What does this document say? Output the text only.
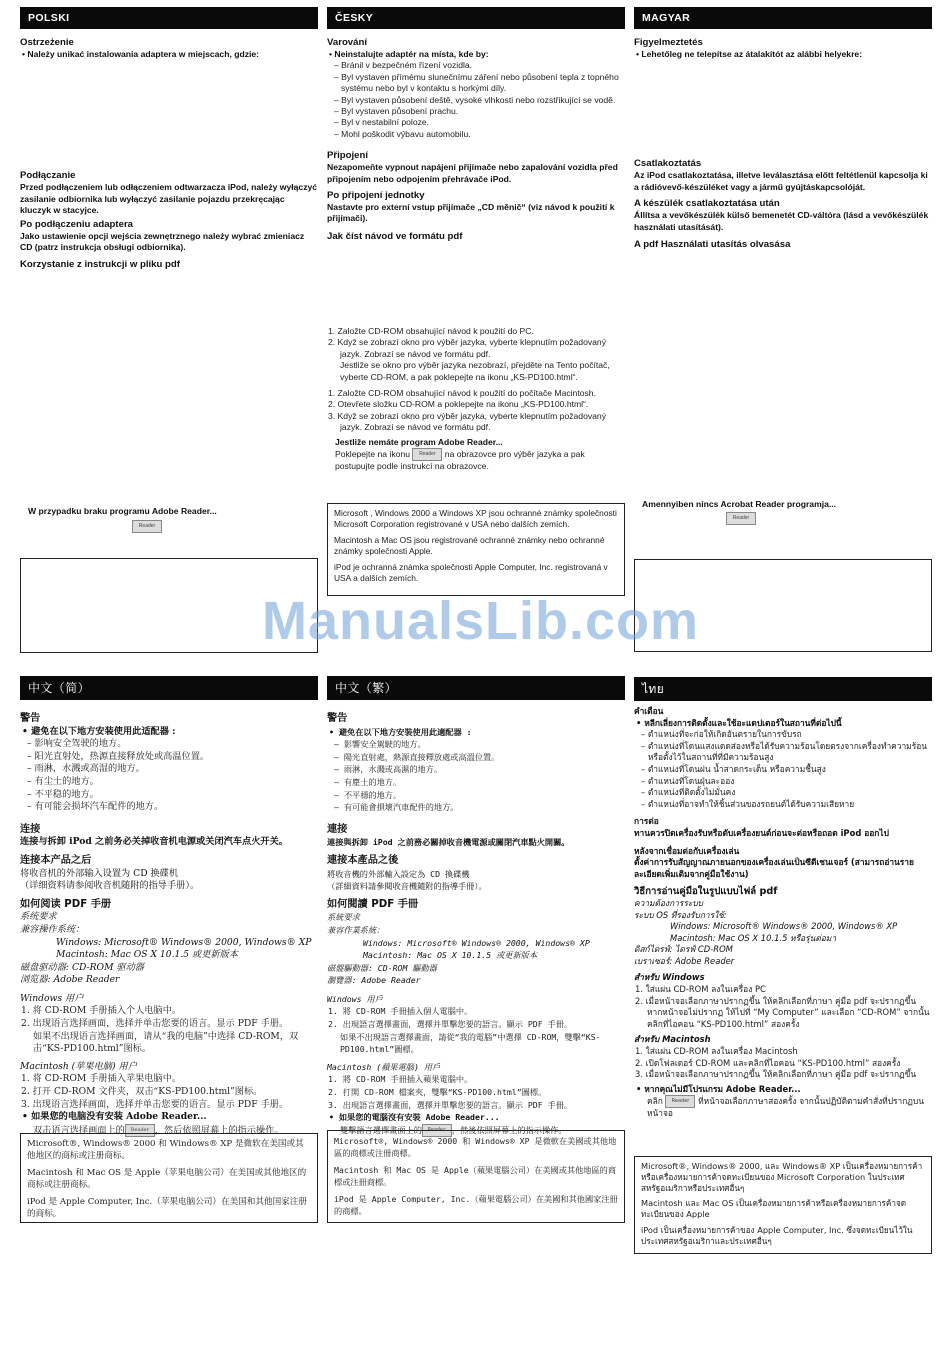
POLSKI
Ostrzeżenie
• Należy unikać instalowania adaptera w miejscach, gdzie:
Podłączanie

Przed podłączeniem lub odłączeniem odtwarzacza iPod, należy wyłączyć zasilanie odbiornika lub wyłączyć zasilanie pojazdu przekręcając kluczyk w stacyjce.

Po podłączeniu adaptera

Jako ustawienie opcji wejścia zewnętrznego należy wybrać zmieniacz CD (patrz instrukcja obsługi odbiornika).

Korzystanie z instrukcji w pliku pdf
W przypadku braku programu Adobe Reader...
Reader
ČESKY
Varování
• Neinstalujte adaptér na místa, kde by:
– Bránil v bezpečném řízení vozidla.
– Byl vystaven přímému slunečnímu záření nebo působení tepla z topného systému nebo byl v kontaktu s horkými díly.
– Byl vystaven působení deště, vysoké vlhkosti nebo rozstřikující se vodě.
– Byl vystaven působení prachu.
– Byl v nestabilní poloze.
– Mohl poškodit výbavu automobilu.
Připojení

Nezapomeňte vypnout napájení přijímače nebo zapalování vozidla před připojením nebo odpojením přehrávače iPod.

Po připojení jednotky

Nastavte pro externí vstup přijímače „CD měnič“ (viz návod k použití k přijímači).

Jak číst návod ve formátu pdf
1. Založte CD-ROM obsahující návod k použití do PC.
2. Když se zobrazí okno pro výběr jazyka, vyberte klepnutím požadovaný jazyk. Zobrazí se návod ve formátu pdf.
Jestliže se okno pro výběr jazyka nezobrazí, přejděte na Tento počítač, vyberte CD-ROM, a pak poklepejte na ikonu „KS-PD100.html“.
1. Založte CD-ROM obsahující návod k použití do počítače Macintosh.
2. Otevřete složku CD-ROM a poklepejte na ikonu „KS-PD100.html“.
3. Když se zobrazí okno pro výběr jazyka, vyberte klepnutím požadovaný jazyk. Zobrazí se návod ve formátu pdf.
Jestliže nemáte program Adobe Reader...
Poklepejte na ikonu Reader na obrazovce pro výběr jazyka a pak postupujte podle instrukcí na obrazovce.

Microsoft , Windows 2000 a Windows XP jsou ochranné známky společnosti Microsoft Corporation registrované v USA nebo dalších zemích.

Macintosh a Mac OS jsou registrované ochranné známky nebo ochranné známky společnosti Apple.

iPod je ochranná známka společnosti Apple Computer, Inc. registrovaná v USA a dalších zemích.

MAGYAR
Figyelmeztetés
• Lehetőleg ne telepítse az átalakítót az alábbi helyekre:
Csatlakoztatás

Az iPod csatlakoztatása, illetve leválasztása előtt feltétlenül kapcsolja ki a rádióvevő-készüléket vagy a jármű gyújtáskapcsolóját.

A készülék csatlakoztatása után

Állítsa a vevőkészülék külső bemenetét CD-váltóra (lásd a vevőkészülék használati utasítását).

A pdf Használati utasítás olvasása
Amennyiben nincs Acrobat Reader programja...
Reader
ManualsLib.com
中文（简）
警告
• 避免在以下地方安装使用此适配器 :
– 影响安全驾驶的地方。
– 阳光直射处，热源直接释放处或高温位置。
– 雨淋，水溅或高湿的地方。
– 有尘土的地方。
– 不平稳的地方。
– 有可能会损坏汽车配件的地方。
连接
连接与拆卸 iPod 之前务必关掉收音机电源或关闭汽车点火开关。
连接本产品之后
将收音机的外部输入设置为 CD 换碟机
（详细资料请参阅收音机随附的指导手册）。
如何阅读 PDF 手册
系统要求
兼容操作系统：
Windows: Microsoft® Windows® 2000, Windows® XP
Macintosh: Mac OS X 10.1.5 或更新版本
磁盘驱动器: CD-ROM 驱动器
浏览器: Adobe Reader
Windows 用户
1. 将 CD-ROM 手册插入个人电脑中。
2. 出现语言选择画面，选择并单击您要的语言。显示 PDF 手册。
如果不出现语言选择画面，请从“我的电脑”中选择 CD-ROM，双击“KS-PD100.html”图标。
Macintosh (苹果电脑) 用户
1. 将 CD-ROM 手册插入苹果电脑中。
2. 打开 CD-ROM 文件夹，双击“KS-PD100.html”图标。
3. 出现语言选择画面，选择并单击您要的语言。显示 PDF 手册。
• 如果您的电脑没有安装 Adobe Reader...
双击语言选择画面上的 Reader ，然后依照屏幕上的指示操作。

Microsoft®, Windows® 2000 和 Windows® XP 是微软在美国或其他地区的商标或注册商标。

Macintosh 和 Mac OS 是 Apple（苹果电脑公司）在美国或其他地区的商标或注册商标。

iPod 是 Apple Computer, Inc.（苹果电脑公司）在美国和其他国家注册的商标。

中文（繁）
警告
• 避免在以下地方安裝使用此適配器 :
– 影響安全駕駛的地方。
– 陽光直射處，熱源直接釋放處或高溫位置。
– 雨淋，水濺或高濕的地方。
– 有塵土的地方。
– 不平穩的地方。
– 有可能會損壞汽車配件的地方。
連接
連接與拆卸 iPod 之前務必關掉收音機電源或關閉汽車點火開關。
連接本產品之後
將收音機的外部輸入設定為 CD 換碟機
（詳細資料請參閱收音機隨附的指導手冊）。
如何閱讀 PDF 手冊
系統要求
兼容作業系統：
Windows: Microsoft® Windows® 2000, Windows® XP
Macintosh: Mac OS X 10.1.5 或更新版本
磁盤驅動器: CD-ROM 驅動器
瀏覽器: Adobe Reader
Windows 用戶
1. 將 CD-ROM 手冊插入個人電腦中。
2. 出現語言選擇畫面，選擇并單擊您要的語言。顯示 PDF 手冊。
如果不出現語言選擇畫面，請從“我的電腦”中選擇 CD-ROM，雙擊“KS-PD100.html”圖標。
Macintosh (蘋果電腦) 用戶
1. 將 CD-ROM 手冊插入蘋果電腦中。
2. 打開 CD-ROM 檔案夾，雙擊“KS-PD100.html”圖標。
3. 出現語言選擇畫面，選擇并單擊您要的語言。顯示 PDF 手冊。
• 如果您的電腦沒有安裝 Adobe Reader...
雙擊語言選擇畫面上的 Reader ，然後依照屏幕上的指示操作。

Microsoft®, Windows® 2000 和 Windows® XP 是微軟在美國或其他地區的商標或注冊商標。

Macintosh 和 Mac OS 是 Apple（蘋果電腦公司）在美國或其他地區的商標或注冊商標。

iPod 是 Apple Computer, Inc.（蘋果電腦公司）在美國和其他國家注冊的商標。

ไทย
คำเตือน
• หลีกเลี่ยงการติดตั้งและใช้อะแดปเตอร์ในสถานที่ต่อไปนี้
– ตำแหน่งที่จะก่อให้เกิดอันตรายในการขับรถ
– ตำแหน่งที่โดนแสงแดดส่องหรือได้รับความร้อนโดยตรงจากเครื่องทำความร้อนหรือตั้งไว้ในสถานที่ที่มีความร้อนสูง
– ตำแหน่งที่โดนฝน น้ำสาดกระเด็น หรือความชื้นสูง
– ตำแหน่งที่โดนฝุ่นละออง
– ตำแหน่งที่ติดตั้งไม่มั่นคง
– ตำแหน่งที่อาจทำให้ชิ้นส่วนของรถยนต์ได้รับความเสียหาย
การต่อ
ทานควรปิดเครื่องรับหรือดับเครื่องยนต์ก่อนจะต่อหรือถอด iPod ออกไป
หลังจากเชื่อมต่อกับเครื่องเล่น
ตั้งค่าการรับสัญญาณภายนอกของเครื่องเล่นเป็นซีดีเชนเจอร์ (สามารถอ่านรายละเอียดเพิ่มเติมจากคู่มือใช้งาน)
วิธีการอ่านคู่มือในรูปแบบไฟล์ pdf
ความต้องการระบบ
ระบบ OS ที่รองรับการใช้:
Windows: Microsoft® Windows® 2000, Windows® XP
Macintosh: Mac OS X 10.1.5 หรือรุ่นต่อมา
ดิสก์ไดรฟ์: ไดรฟ์ CD-ROM
เบราเซอร์: Adobe Reader
สำหรับ Windows
1. ใส่แผ่น CD-ROM ลงในเครื่อง PC
2. เมื่อหน้าจอเลือกภาษาปรากฏขึ้น ให้คลิกเลือกที่ภาษา คู่มือ pdf จะปรากฏขึ้น หากหน้าจอไม่ปรากฏ ให้ไปที่ “My Computer” และเลือก “CD-ROM” จากนั้นคลิกที่ไอคอน “KS-PD100.html” สองครั้ง
สำหรับ Macintosh
1. ใส่แผ่น CD-ROM ลงในเครื่อง Macintosh
2. เปิดโฟลเดอร์ CD-ROM และคลิกที่ไอคอน “KS-PD100.html” สองครั้ง
3. เมื่อหน้าจอเลือกภาษาปรากฏขึ้น ให้คลิกเลือกที่ภาษา คู่มือ pdf จะปรากฏขึ้น
• หากคุณไม่มีโปรแกรม Adobe Reader...
คลิก Reader ที่หน้าจอเลือกภาษาสองครั้ง จากนั้นปฏิบัติตามคำสั่งที่ปรากฏบนหน้าจอ

Microsoft®, Windows® 2000, และ Windows® XP เป็นเครื่องหมายการค้าหรือเครื่องหมายการค้าจดทะเบียนของ Microsoft Corporation ในประเทศสหรัฐอเมริกาหรือประเทศอื่นๆ

Macintosh และ Mac OS เป็นเครื่องหมายการค้าหรือเครื่องหมายการค้าจดทะเบียนของ Apple

iPod เป็นเครื่องหมายการค้าของ Apple Computer, Inc. ซึ่งจดทะเบียนไว้ในประเทศสหรัฐอเมริกาและประเทศอื่นๆ
